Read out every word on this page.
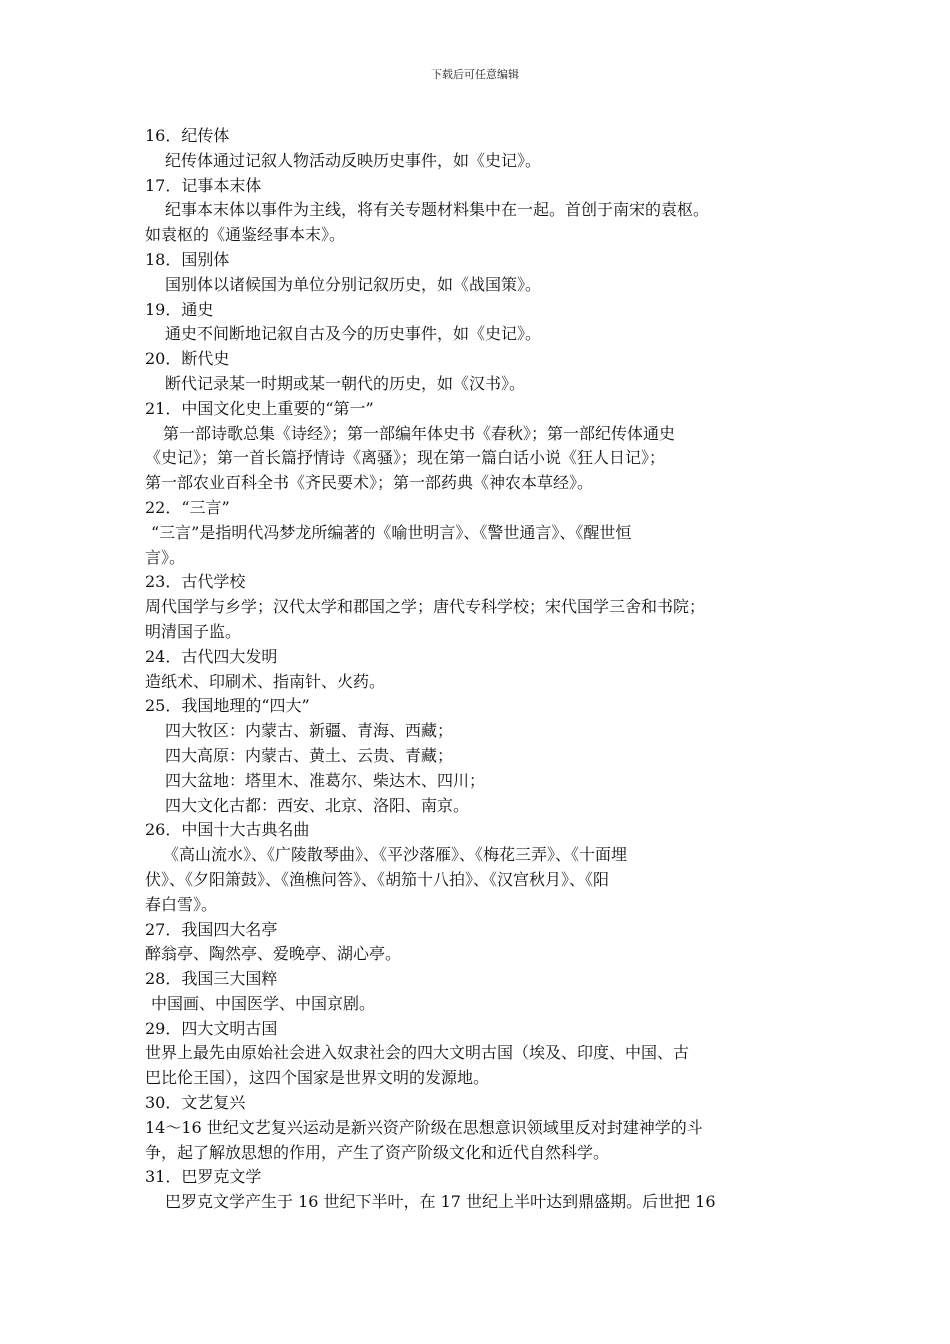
下载后可任意编辑
16．纪传体
纪传体通过记叙人物活动反映历史事件，如《史记》。
17．记事本末体
纪事本末体以事件为主线，将有关专题材料集中在一起。首创于南宋的袁枢。
如袁枢的《通鉴经事本末》。
18．国别体
国别体以诸候国为单位分别记叙历史，如《战国策》。
19．通史
通史不间断地记叙自古及今的历史事件，如《史记》。
20．断代史
断代记录某一时期或某一朝代的历史，如《汉书》。
21．中国文化史上重要的“第一”
第一部诗歌总集《诗经》；第一部编年体史书《春秋》；第一部纪传体通史
《史记》；第一首长篇抒情诗《离骚》；现在第一篇白话小说《狂人日记》；
第一部农业百科全书《齐民要术》；第一部药典《神农本草经》。
22．“三言”
“三言”是指明代冯梦龙所编著的《喻世明言》、《警世通言》、《醒世恒
言》。
23．古代学校
周代国学与乡学；汉代太学和郡国之学；唐代专科学校；宋代国学三舍和书院；
明清国子监。
24．古代四大发明
造纸术、印刷术、指南针、火药。
25．我国地理的“四大”
四大牧区：内蒙古、新疆、青海、西藏；
四大高原：内蒙古、黄土、云贵、青藏；
四大盆地：塔里木、准葛尔、柴达木、四川；
四大文化古都：西安、北京、洛阳、南京。
26．中国十大古典名曲
《高山流水》、《广陵散琴曲》、《平沙落雁》、《梅花三弄》、《十面埋
伏》、《夕阳箫鼓》、《渔樵问答》、《胡笳十八拍》、《汉宫秋月》、《阳
春白雪》。
27．我国四大名亭
醉翁亭、陶然亭、爱晚亭、湖心亭。
28．我国三大国粹
中国画、中国医学、中国京剧。
29．四大文明古国
世界上最先由原始社会进入奴隶社会的四大文明古国（埃及、印度、中国、古
巴比伦王国），这四个国家是世界文明的发源地。
30．文艺复兴
14～16 世纪文艺复兴运动是新兴资产阶级在思想意识领域里反对封建神学的斗
争，起了解放思想的作用，产生了资产阶级文化和近代自然科学。
31．巴罗克文学
巴罗克文学产生于 16 世纪下半叶，在 17 世纪上半叶达到鼎盛期。后世把 16
